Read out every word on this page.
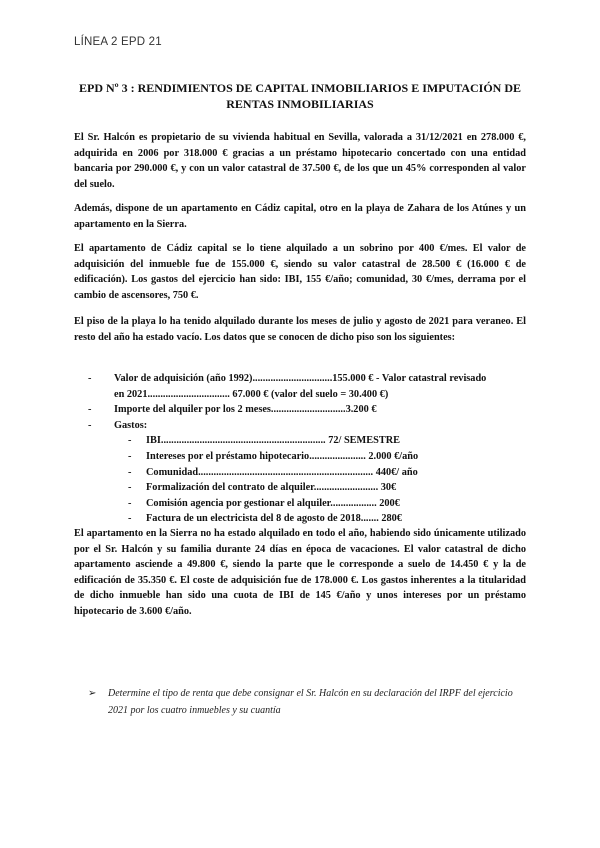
LÍNEA 2 EPD 21
EPD Nº 3 : RENDIMIENTOS DE CAPITAL INMOBILIARIOS E IMPUTACIÓN DE
RENTAS INMOBILIARIAS
El Sr. Halcón es propietario de su vivienda habitual en Sevilla, valorada a 31/12/2021 en 278.000 €, adquirida en 2006 por 318.000 € gracias a un préstamo hipotecario concertado con una entidad bancaria por 290.000 €, y con un valor catastral de 37.500 €, de los que un 45% corresponden al valor del suelo.
Además, dispone de un apartamento en Cádiz capital, otro en la playa de Zahara de los Atúnes y un apartamento en la Sierra.
El apartamento de Cádiz capital se lo tiene alquilado a un sobrino por 400 €/mes. El valor de adquisición del inmueble fue de 155.000 €, siendo su valor catastral de 28.500 € (16.000 € de edificación). Los gastos del ejercicio han sido: IBI, 155 €/año; comunidad, 30 €/mes, derrama por el cambio de ascensores, 750 €.
El piso de la playa lo ha tenido alquilado durante los meses de julio y agosto de 2021 para veraneo. El resto del año ha estado vacío. Los datos que se conocen de dicho piso son los siguientes:
- Valor de adquisición (año 1992)...............................155.000 € - Valor catastral revisado
en 2021................................ 67.000 € (valor del suelo = 30.400 €)
- Importe del alquiler por los 2 meses.............................3.200 €
- Gastos:
- IBI................................................................ 72/ SEMESTRE
- Intereses por el préstamo hipotecario...................... 2.000 €/año
- Comunidad.................................................................... 440€/ año
- Formalización del contrato de alquiler......................... 30€
- Comisión agencia por gestionar el alquiler.................. 200€
- Factura de un electricista del 8 de agosto de 2018....... 280€
El apartamento en la Sierra no ha estado alquilado en todo el año, habiendo sido únicamente utilizado por el Sr. Halcón y su familia durante 24 días en época de vacaciones. El valor catastral de dicho apartamento asciende a 49.800 €, siendo la parte que le corresponde a suelo de 14.450 € y la de edificación de 35.350 €. El coste de adquisición fue de 178.000 €. Los gastos inherentes a la titularidad de dicho inmueble han sido una cuota de IBI de 145 €/año y unos intereses por un préstamo hipotecario de 3.600 €/año.
➢	Determine el tipo de renta que debe consignar el Sr. Halcón en su declaración del IRPF del ejercicio 2021 por los cuatro inmuebles y su cuantía
